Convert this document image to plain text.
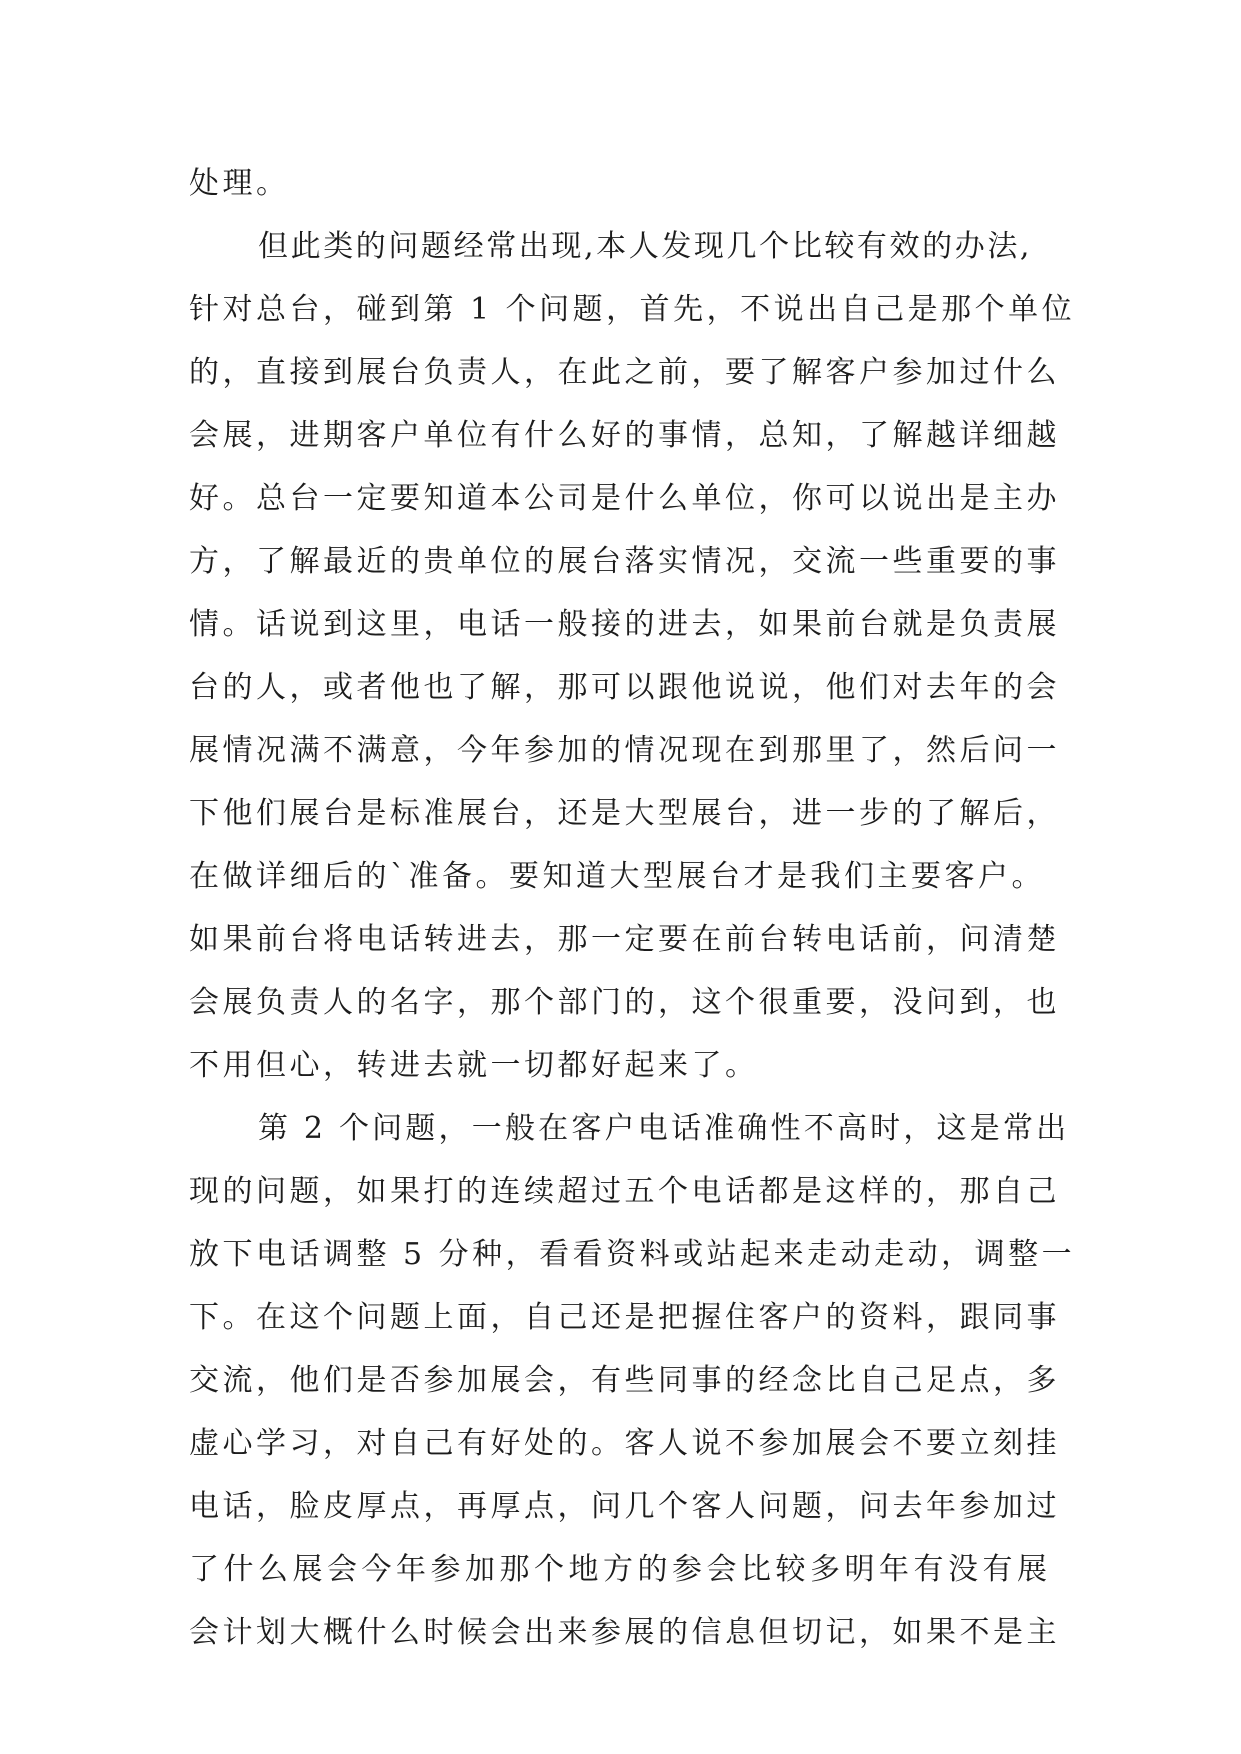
处理。

但此类的问题经常出现,本人发现几个比较有效的办法,

针对总台，碰到第 1 个问题，首先，不说出自己是那个单位

的，直接到展台负责人，在此之前，要了解客户参加过什么

会展，进期客户单位有什么好的事情，总知，了解越详细越

好。总台一定要知道本公司是什么单位，你可以说出是主办

方，了解最近的贵单位的展台落实情况，交流一些重要的事

情。话说到这里，电话一般接的进去，如果前台就是负责展

台的人，或者他也了解，那可以跟他说说，他们对去年的会

展情况满不满意，今年参加的情况现在到那里了，然后问一

下他们展台是标准展台，还是大型展台，进一步的了解后，

在做详细后的`准备。要知道大型展台才是我们主要客户。

如果前台将电话转进去，那一定要在前台转电话前，问清楚

会展负责人的名字，那个部门的，这个很重要，没问到，也

不用但心，转进去就一切都好起来了。

第 2 个问题，一般在客户电话准确性不高时，这是常出

现的问题，如果打的连续超过五个电话都是这样的，那自己

放下电话调整 5 分种，看看资料或站起来走动走动，调整一

下。在这个问题上面，自己还是把握住客户的资料，跟同事

交流，他们是否参加展会，有些同事的经念比自己足点，多

虚心学习，对自己有好处的。客人说不参加展会不要立刻挂

电话，脸皮厚点，再厚点，问几个客人问题，问去年参加过

了什么展会今年参加那个地方的参会比较多明年有没有展

会计划大概什么时候会出来参展的信息但切记，如果不是主
